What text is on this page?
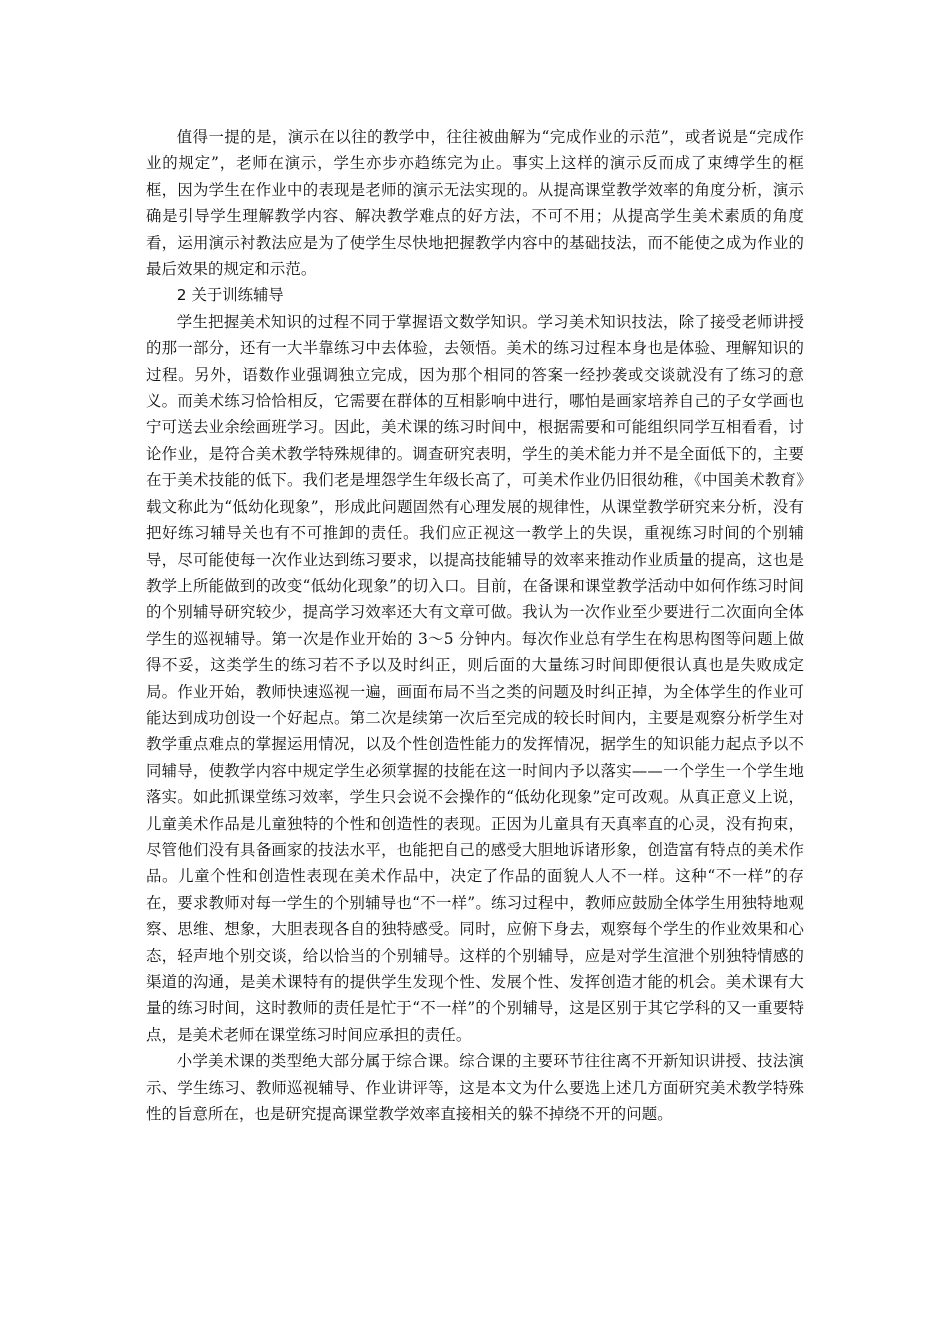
值得一提的是，演示在以往的教学中，往往被曲解为“完成作业的示范”，或者说是“完成作业的规定”，老师在演示，学生亦步亦趋练完为止。事实上这样的演示反而成了束缚学生的框框，因为学生在作业中的表现是老师的演示无法实现的。从提高课堂教学效率的角度分析，演示确是引导学生理解教学内容、解决教学难点的好方法，不可不用；从提高学生美术素质的角度看，运用演示衬教法应是为了使学生尽快地把握教学内容中的基础技法，而不能使之成为作业的最后效果的规定和示范。

2 关于训练辅导

学生把握美术知识的过程不同于掌握语文数学知识。学习美术知识技法，除了接受老师讲授的那一部分，还有一大半靠练习中去体验，去领悟。美术的练习过程本身也是体验、理解知识的过程。另外，语数作业强调独立完成，因为那个相同的答案一经抄袭或交谈就没有了练习的意义。而美术练习恰恰相反，它需要在群体的互相影响中进行，哪怕是画家培养自己的子女学画也宁可送去业余绘画班学习。因此，美术课的练习时间中，根据需要和可能组织同学互相看看，讨论作业，是符合美术教学特殊规律的。调查研究表明，学生的美术能力并不是全面低下的，主要在于美术技能的低下。我们老是埋怨学生年级长高了，可美术作业仍旧很幼稚，《中国美术教育》载文称此为“低幼化现象”，形成此问题固然有心理发展的规律性，从课堂教学研究来分析，没有把好练习辅导关也有不可推卸的责任。我们应正视这一教学上的失误，重视练习时间的个别辅导，尽可能使每一次作业达到练习要求，以提高技能辅导的效率来推动作业质量的提高，这也是教学上所能做到的改变“低幼化现象”的切入口。目前，在备课和课堂教学活动中如何作练习时间的个别辅导研究较少，提高学习效率还大有文章可做。我认为一次作业至少要进行二次面向全体学生的巡视辅导。第一次是作业开始的 3～5 分钟内。每次作业总有学生在构思构图等问题上做得不妥，这类学生的练习若不予以及时纠正，则后面的大量练习时间即便很认真也是失败成定局。作业开始，教师快速巡视一遍，画面布局不当之类的问题及时纠正掉，为全体学生的作业可能达到成功创设一个好起点。第二次是续第一次后至完成的较长时间内，主要是观察分析学生对教学重点难点的掌握运用情况，以及个性创造性能力的发挥情况，据学生的知识能力起点予以不同辅导，使教学内容中规定学生必须掌握的技能在这一时间内予以落实——一个学生一个学生地落实。如此抓课堂练习效率，学生只会说不会操作的“低幼化现象”定可改观。从真正意义上说，儿童美术作品是儿童独特的个性和创造性的表现。正因为儿童具有天真率直的心灵，没有拘束，尽管他们没有具备画家的技法水平，也能把自己的感受大胆地诉诸形象，创造富有特点的美术作品。儿童个性和创造性表现在美术作品中，决定了作品的面貌人人不一样。这种“不一样”的存在，要求教师对每一学生的个别辅导也“不一样”。练习过程中，教师应鼓励全体学生用独特地观察、思维、想象，大胆表现各自的独特感受。同时，应俯下身去，观察每个学生的作业效果和心态，轻声地个别交谈，给以恰当的个别辅导。这样的个别辅导，应是对学生渲泄个别独特情感的渠道的沟通，是美术课特有的提供学生发现个性、发展个性、发挥创造才能的机会。美术课有大量的练习时间，这时教师的责任是忙于“不一样”的个别辅导，这是区别于其它学科的又一重要特点，是美术老师在课堂练习时间应承担的责任。

小学美术课的类型绝大部分属于综合课。综合课的主要环节往往离不开新知识讲授、技法演示、学生练习、教师巡视辅导、作业讲评等，这是本文为什么要选上述几方面研究美术教学特殊性的旨意所在，也是研究提高课堂教学效率直接相关的躲不掉绕不开的问题。
